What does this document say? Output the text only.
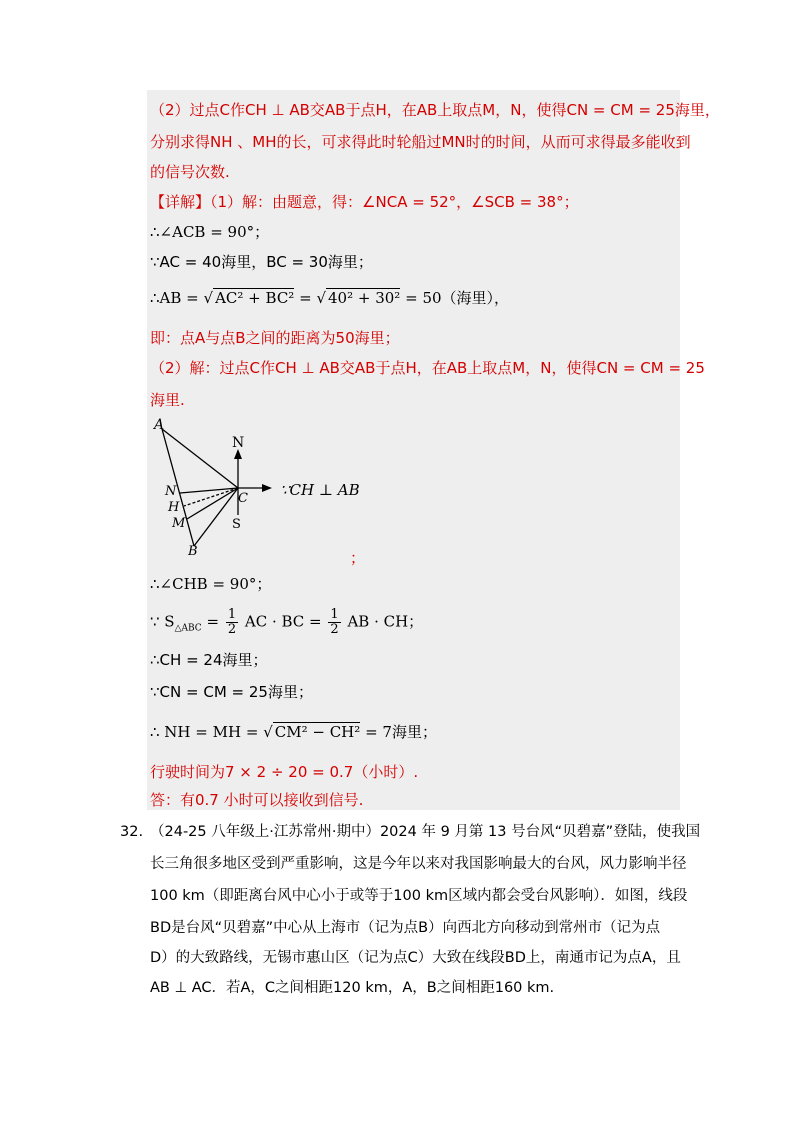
（2）过点C作CH ⊥ AB交AB于点H，在AB上取点M，N，使得CN = CM = 25海里，
分别求得NH 、MH的长，可求得此时轮船过MN时的时间，从而可求得最多能收到
的信号次数.
【详解】（1）解：由题意，得：∠NCA = 52°，∠SCB = 38°；
∴∠ACB = 90°；
∵AC = 40海里，BC = 30海里；
∴AB = √ AC² + BC² = √ 40² + 30² = 50（海里），
即：点A与点B之间的距离为50海里；
（2）解：过点C作CH ⊥ AB交AB于点H，在AB上取点M，N，使得CN = CM = 25
海里.
A
N
N	C
H
M	S
B
∵CH ⊥ AB
；
∴∠CHB = 90°；
∵ $S_{\triangle ABC} = \frac{1}{2}$ AC · BC = $\frac{1}{2}$ AB · CH；
∴CH = 24海里；
∵CN = CM = 25海里；
∴ NH = MH = √ CM² − CH² = 7海里；
行驶时间为7 × 2 ÷ 20 = 0.7（小时）.
答：有0.7 小时可以接收到信号.
32. （24-25 八年级上·江苏常州·期中）2024 年 9 月第 13 号台风“贝碧嘉”登陆，使我国
长三角很多地区受到严重影响，这是今年以来对我国影响最大的台风，风力影响半径
100 km（即距离台风中心小于或等于100 km区域内都会受台风影响）．如图，线段
BD是台风“贝碧嘉”中心从上海市（记为点B）向西北方向移动到常州市（记为点
D）的大致路线，无锡市惠山区（记为点C）大致在线段BD上，南通市记为点A，且
AB ⊥ AC．若A，C之间相距120 km，A，B之间相距160 km.
